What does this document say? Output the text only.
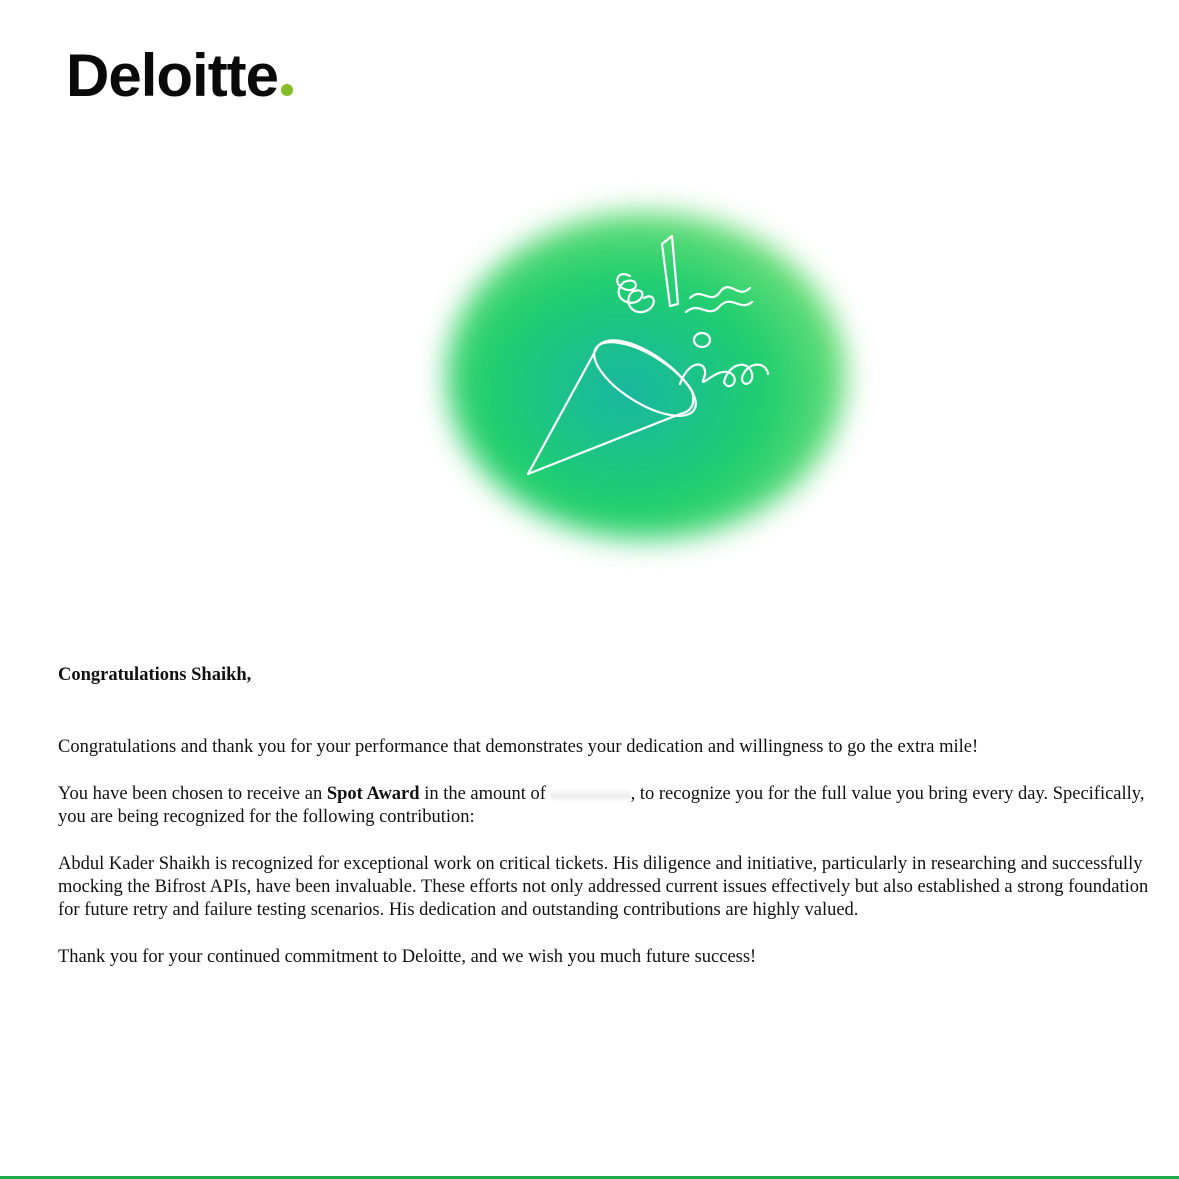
Deloitte

Congratulations Shaikh,

Congratulations and thank you for your performance that demonstrates your dedication and willingness to go the extra mile!

You have been chosen to receive an Spot Award in the amount of	, to recognize you for the full value you bring every day. Specifically, you are being recognized for the following contribution:

Abdul Kader Shaikh is recognized for exceptional work on critical tickets. His diligence and initiative, particularly in researching and successfully mocking the Bifrost APIs, have been invaluable. These efforts not only addressed current issues effectively but also established a strong foundation for future retry and failure testing scenarios. His dedication and outstanding contributions are highly valued.

Thank you for your continued commitment to Deloitte, and we wish you much future success!
